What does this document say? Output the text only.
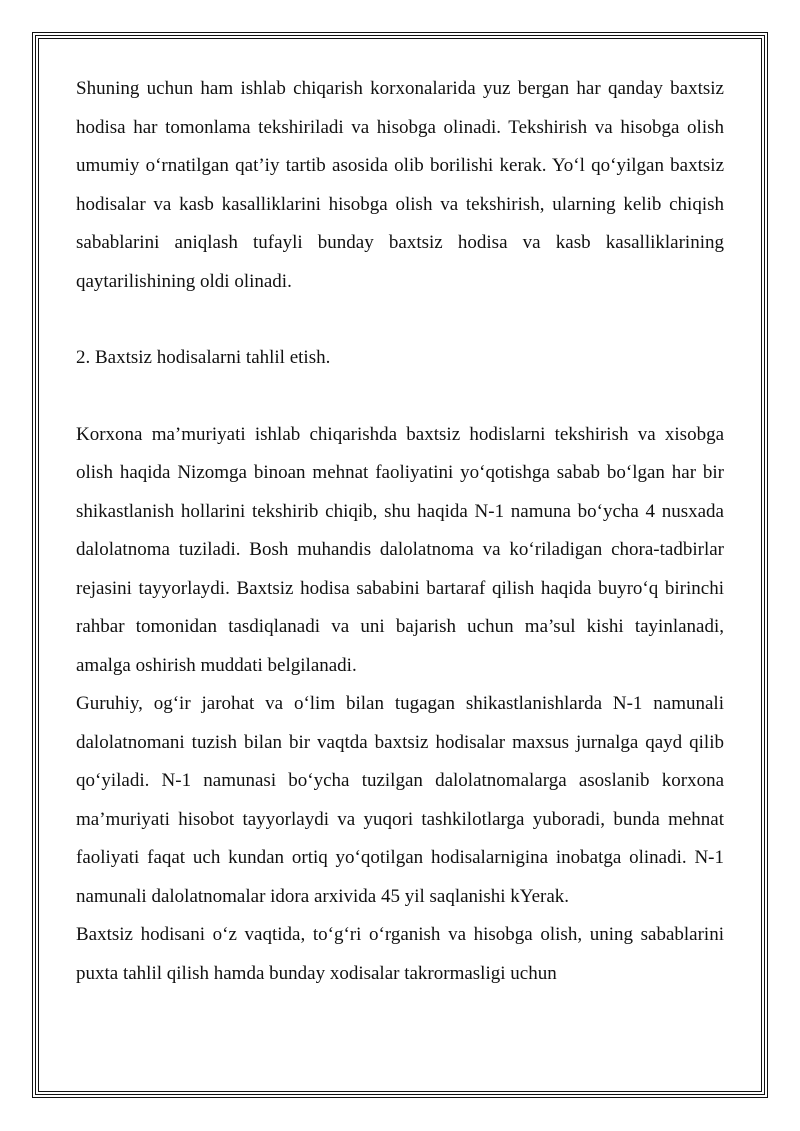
Shuning uchun ham ishlab chiqarish korxonalarida yuz bergan har qanday baxtsiz hodisa har tomonlama tekshiriladi va hisobga olinadi. Tekshirish va hisobga olish umumiy o‘rnatilgan qat’iy tartib asosida olib borilishi kerak. Yo‘l qo‘yilgan baxtsiz hodisalar va kasb kasalliklarini hisobga olish va tekshirish, ularning kelib chiqish sabablarini aniqlash tufayli bunday baxtsiz hodisa va kasb kasalliklarining qaytarilishining oldi olinadi.

2. Baxtsiz hodisalarni tahlil etish.

Korxona ma’muriyati ishlab chiqarishda baxtsiz hodislarni tekshirish va xisobga olish haqida Nizomga binoan mehnat faoliyatini yo‘qotishga sabab bo‘lgan har bir shikastlanish hollarini tekshirib chiqib, shu haqida N-1 namuna bo‘ycha 4 nusxada dalolatnoma tuziladi. Bosh muhandis dalolatnoma va ko‘riladigan chora-tadbirlar rejasini tayyorlaydi. Baxtsiz hodisa sababini bartaraf qilish haqida buyro‘q birinchi rahbar tomonidan tasdiqlanadi va uni bajarish uchun ma’sul kishi tayinlanadi, amalga oshirish muddati belgilanadi.

Guruhiy, og‘ir jarohat va o‘lim bilan tugagan shikastlanishlarda N-1 namunali dalolatnomani tuzish bilan bir vaqtda baxtsiz hodisalar maxsus jurnalga qayd qilib qo‘yiladi. N-1 namunasi bo‘ycha tuzilgan dalolatnomalarga asoslanib korxona ma’muriyati hisobot tayyorlaydi va yuqori tashkilotlarga yuboradi, bunda mehnat faoliyati faqat uch kundan ortiq yo‘qotilgan hodisalarnigina inobatga olinadi. N-1 namunali dalolatnomalar idora arxivida 45 yil saqlanishi kYerak.

Baxtsiz hodisani o‘z vaqtida, to‘g‘ri o‘rganish va hisobga olish, uning sabablarini puxta tahlil qilish hamda bunday xodisalar takrormasligi uchun
